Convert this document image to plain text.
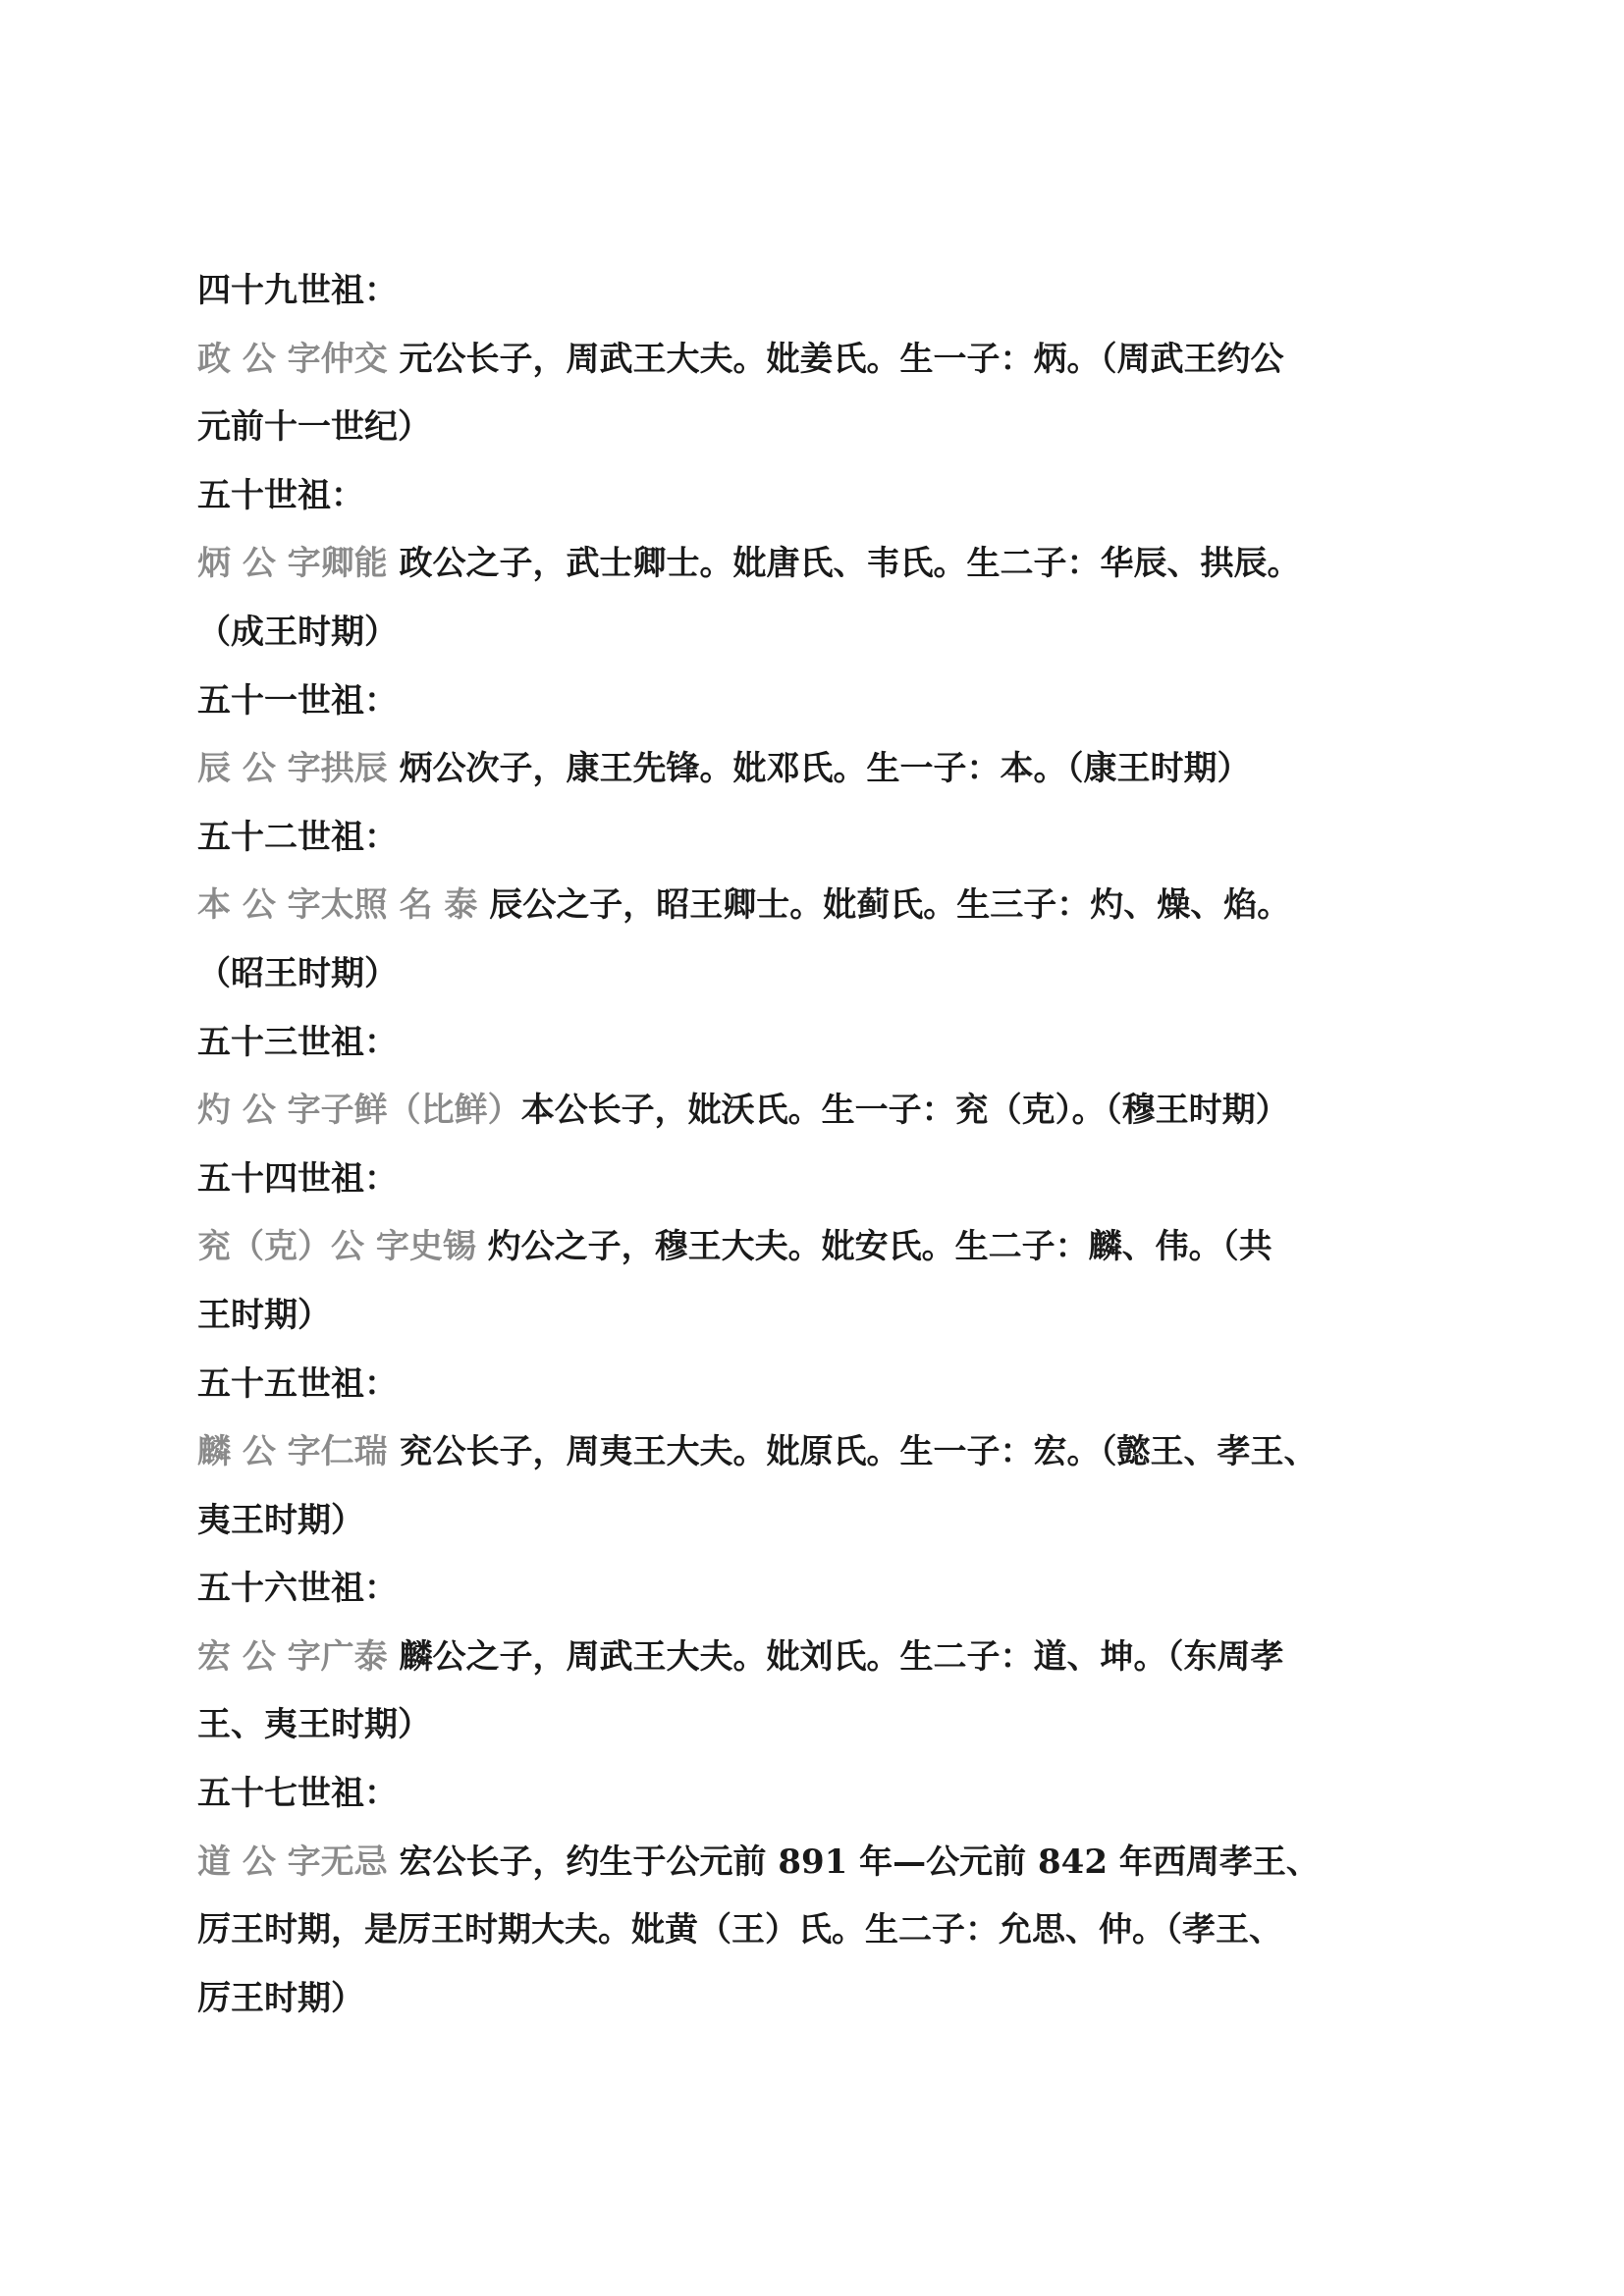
四十九世祖：
政 公 字仲交 元公长子，周武王大夫。妣姜氏。生一子：炳。（周武王约公
元前十一世纪）
五十世祖：
炳 公 字卿能 政公之子，武士卿士。妣唐氏、韦氏。生二子：华辰、拱辰。
（成王时期）
五十一世祖：
辰 公 字拱辰 炳公次子，康王先锋。妣邓氏。生一子：本。（康王时期）
五十二世祖：
本 公 字太照 名 泰 辰公之子，昭王卿士。妣蓟氏。生三子：灼、燥、焰。
（昭王时期）
五十三世祖：
灼 公 字子鲜（比鲜）本公长子，妣沃氏。生一子：兖（克）。（穆王时期）
五十四世祖：
兖（克）公 字史锡 灼公之子，穆王大夫。妣安氏。生二子：麟、伟。（共
王时期）
五十五世祖：
麟 公 字仁瑞 兖公长子，周夷王大夫。妣原氏。生一子：宏。（懿王、孝王、
夷王时期）
五十六世祖：
宏 公 字广泰 麟公之子，周武王大夫。妣刘氏。生二子：道、坤。（东周孝
王、夷王时期）
五十七世祖：
道 公 字无忌 宏公长子，约生于公元前 891 年—公元前 842 年西周孝王、
厉王时期，是厉王时期大夫。妣黄（王）氏。生二子：允思、仲。（孝王、
厉王时期）
